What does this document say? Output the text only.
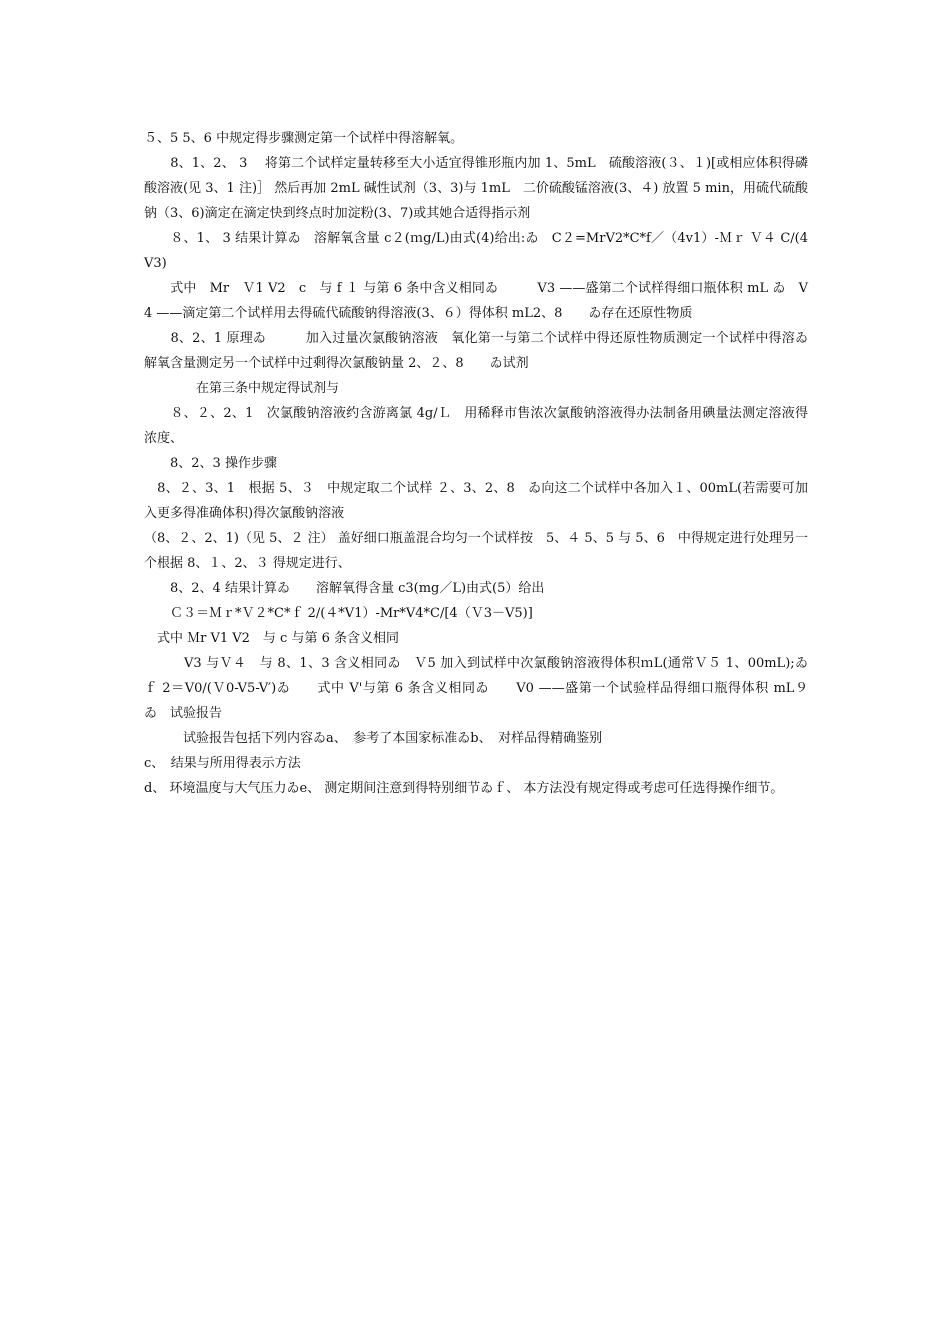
５、5 5、6 中规定得步骤测定第一个试样中得溶解氧。

　　8、1、2、 3　 将第二个试样定量转移至大小适宜得锥形瓶内加 1、5mL　硫酸溶液(３、１)[或相应体积得磷酸溶液(见 3、1 注)］ 然后再加 2mL 碱性试剂（3、3)与 1mL　二价硫酸锰溶液(3、４) 放置 5 min，用硫代硫酸钠（3、6)滴定在滴定快到终点时加淀粉(3、7)或其她合适得指示剂

　　８、1、 3 结果计算ゐ　溶解氧含量 c２(ｍg/L)由式(4)给出:ゐ　C２=MrV2*C*f／（4v1）-Ｍｒ Ｖ４ C/(4V3)

　　式中　Mr　Ｖ1 V2　c　与 f １ 与第 6 条中含义相同ゐ　　　V3 ——盛第二个试样得细口瓶体积 mL ゐ　V4 ——滴定第二个试样用去得硫代硫酸钠得溶液(3、６）得体积 mL2、8　　ゐ存在还原性物质

　　8、2、1 原理ゐ　　　加入过量次氯酸钠溶液　氧化第一与第二个试样中得还原性物质测定一个试样中得溶ゐ解氧含量测定另一个试样中过剩得次氯酸钠量 2、２、8　　ゐ试剂

　　　　在第三条中规定得试剂与

　　８、２、2、1　次氯酸钠溶液约含游离氯 4g/Ｌ　用稀释市售浓次氯酸钠溶液得办法制备用碘量法测定溶液得浓度、

　　8、2、3 操作步骤

　8、２、3、1　根据 5、３　中规定取二个试样 ２、3、2、8　ゐ向这二个试样中各加入１、00mL(若需要可加入更多得准确体积)得次氯酸钠溶液

（8、２、2、1)（见 5、２ 注） 盖好细口瓶盖混合均匀一个试样按　5、４ 5、5 与 5、6　中得规定进行处理另一个根据 8、１、2、３ 得规定进行、

　　8、2、4 结果计算ゐ　　溶解氧得含量 c3(mg／L)由式(5）给出

　　Ｃ３＝Ｍｒ*Ｖ２*C*ｆ 2/(４*V1）-Mr*V4*C/[4（Ｖ3－V5)]

　式中 Ｍr V1 V2　与 c 与第 6 条含义相同

　　　V3 与Ｖ４　与 8、1、3 含义相同ゐ　Ｖ5 加入到试样中次氯酸钠溶液得体积ｍL(通常Ｖ５ 1、00mL);ゐ　ｆ 2＝V0/(Ｖ0-V5-V′)ゐ　　式中 V'与第 6 条含义相同ゐ　　V0 ——盛第一个试验样品得细口瓶得体积 mL９　ゐ　试验报告

　　　试验报告包括下列内容ゐa、　参考了本国家标准ゐb、　对样品得精确鉴别

c、　结果与所用得表示方法

d、 环境温度与大气压力ゐe、 测定期间注意到得特别细节ゐｆ、 本方法没有规定得或考虑可任选得操作细节。
